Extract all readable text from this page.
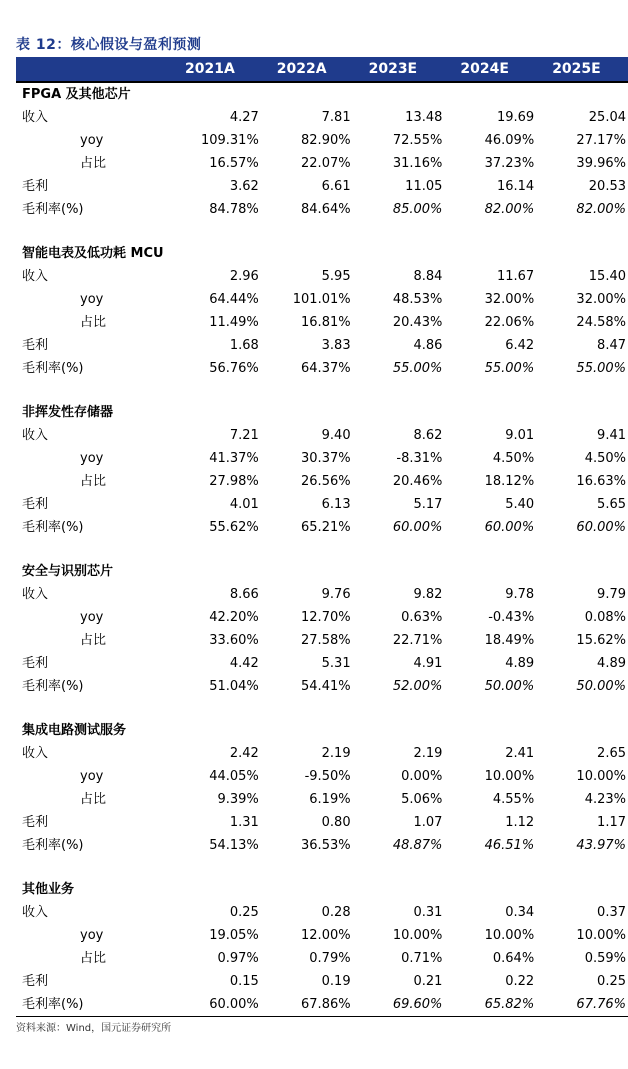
表 12：核心假设与盈利预测
	2021A	2022A	2023E	2024E	2025E
FPGA 及其他芯片					
收入	4.27	7.81	13.48	19.69	25.04
yoy	109.31%	82.90%	72.55%	46.09%	27.17%
占比	16.57%	22.07%	31.16%	37.23%	39.96%
毛利	3.62	6.61	11.05	16.14	20.53
毛利率(%)	84.78%	84.64%	85.00%	82.00%	82.00%

智能电表及低功耗 MCU					
收入	2.96	5.95	8.84	11.67	15.40
yoy	64.44%	101.01%	48.53%	32.00%	32.00%
占比	11.49%	16.81%	20.43%	22.06%	24.58%
毛利	1.68	3.83	4.86	6.42	8.47
毛利率(%)	56.76%	64.37%	55.00%	55.00%	55.00%

非挥发性存储器					
收入	7.21	9.40	8.62	9.01	9.41
yoy	41.37%	30.37%	-8.31%	4.50%	4.50%
占比	27.98%	26.56%	20.46%	18.12%	16.63%
毛利	4.01	6.13	5.17	5.40	5.65
毛利率(%)	55.62%	65.21%	60.00%	60.00%	60.00%

安全与识别芯片					
收入	8.66	9.76	9.82	9.78	9.79
yoy	42.20%	12.70%	0.63%	-0.43%	0.08%
占比	33.60%	27.58%	22.71%	18.49%	15.62%
毛利	4.42	5.31	4.91	4.89	4.89
毛利率(%)	51.04%	54.41%	52.00%	50.00%	50.00%

集成电路测试服务					
收入	2.42	2.19	2.19	2.41	2.65
yoy	44.05%	-9.50%	0.00%	10.00%	10.00%
占比	9.39%	6.19%	5.06%	4.55%	4.23%
毛利	1.31	0.80	1.07	1.12	1.17
毛利率(%)	54.13%	36.53%	48.87%	46.51%	43.97%

其他业务					
收入	0.25	0.28	0.31	0.34	0.37
yoy	19.05%	12.00%	10.00%	10.00%	10.00%
占比	0.97%	0.79%	0.71%	0.64%	0.59%
毛利	0.15	0.19	0.21	0.22	0.25
毛利率(%)	60.00%	67.86%	69.60%	65.82%	67.76%
资料来源：Wind，国元证券研究所
